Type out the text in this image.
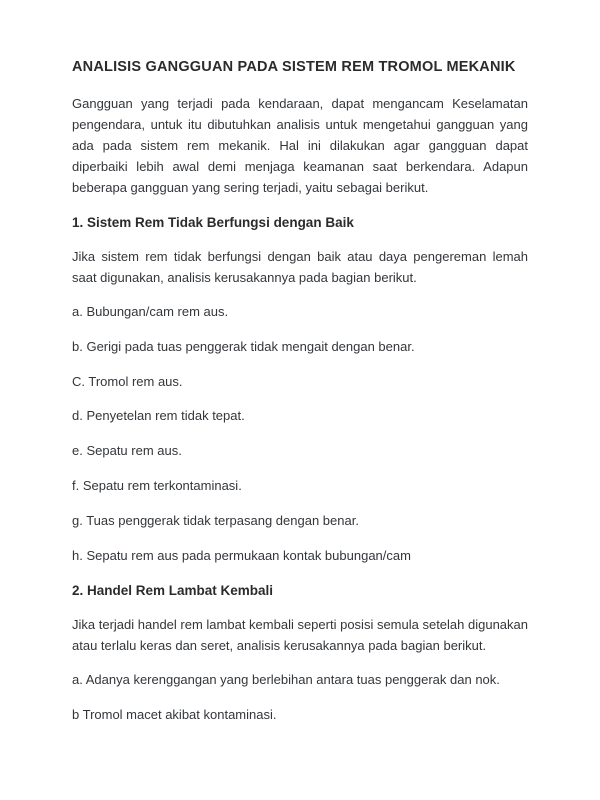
ANALISIS GANGGUAN PADA SISTEM REM TROMOL MEKANIK

Gangguan yang terjadi pada kendaraan, dapat mengancam Keselamatan pengendara, untuk itu dibutuhkan analisis untuk mengetahui gangguan yang ada pada sistem rem mekanik. Hal ini dilakukan agar gangguan dapat diperbaiki lebih awal demi menjaga keamanan saat berkendara. Adapun beberapa gangguan yang sering terjadi, yaitu sebagai berikut.

1. Sistem Rem Tidak Berfungsi dengan Baik

Jika sistem rem tidak berfungsi dengan baik atau daya pengereman lemah saat digunakan, analisis kerusakannya pada bagian berikut.

a. Bubungan/cam rem aus.

b. Gerigi pada tuas penggerak tidak mengait dengan benar.

C. Tromol rem aus.

d. Penyetelan rem tidak tepat.

e. Sepatu rem aus.

f. Sepatu rem terkontaminasi.

g. Tuas penggerak tidak terpasang dengan benar.

h. Sepatu rem aus pada permukaan kontak bubungan/cam

2. Handel Rem Lambat Kembali

Jika terjadi handel rem lambat kembali seperti posisi semula setelah digunakan atau terlalu keras dan seret, analisis kerusakannya pada bagian berikut.

a. Adanya kerenggangan yang berlebihan antara tuas penggerak dan nok.

b Tromol macet akibat kontaminasi.
